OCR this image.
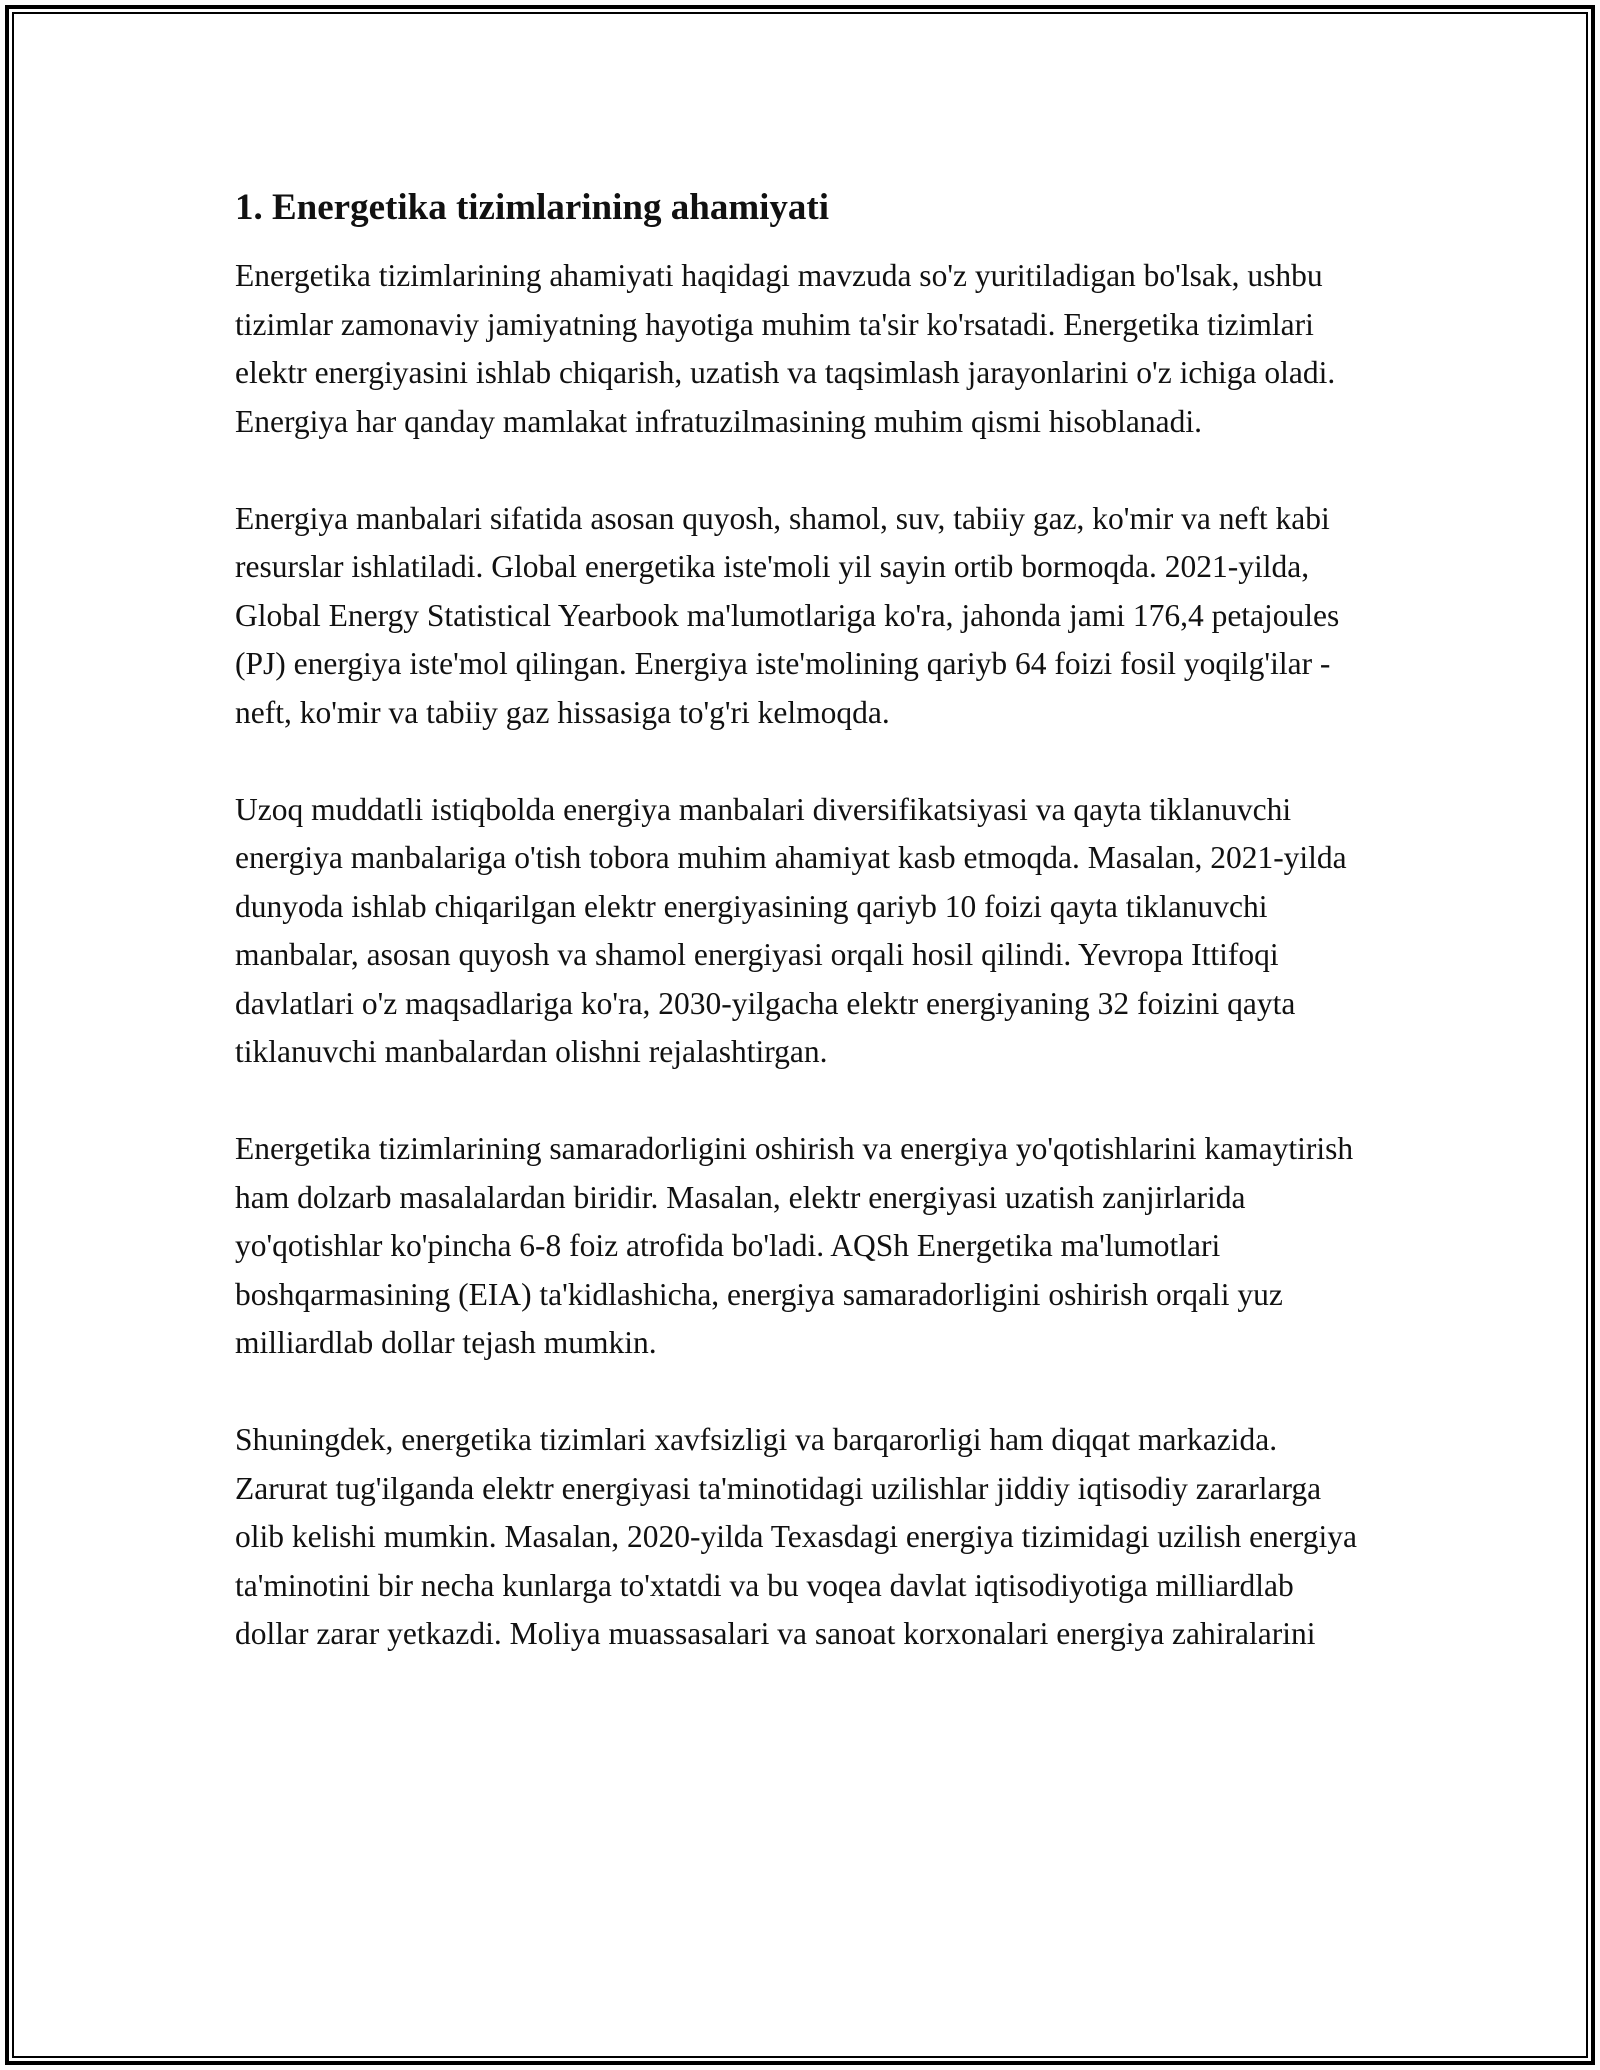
1. Energetika tizimlarining ahamiyati

Energetika tizimlarining ahamiyati haqidagi mavzuda so'z yuritiladigan bo'lsak, ushbu tizimlar zamonaviy jamiyatning hayotiga muhim ta'sir ko'rsatadi. Energetika tizimlari elektr energiyasini ishlab chiqarish, uzatish va taqsimlash jarayonlarini o'z ichiga oladi. Energiya har qanday mamlakat infratuzilmasining muhim qismi hisoblanadi.

Energiya manbalari sifatida asosan quyosh, shamol, suv, tabiiy gaz, ko'mir va neft kabi resurslar ishlatiladi. Global energetika iste'moli yil sayin ortib bormoqda. 2021-yilda, Global Energy Statistical Yearbook ma'lumotlariga ko'ra, jahonda jami 176,4 petajoules (PJ) energiya iste'mol qilingan. Energiya iste'molining qariyb 64 foizi fosil yoqilg'ilar - neft, ko'mir va tabiiy gaz hissasiga to'g'ri kelmoqda.

Uzoq muddatli istiqbolda energiya manbalari diversifikatsiyasi va qayta tiklanuvchi energiya manbalariga o'tish tobora muhim ahamiyat kasb etmoqda. Masalan, 2021-yilda dunyoda ishlab chiqarilgan elektr energiyasining qariyb 10 foizi qayta tiklanuvchi manbalar, asosan quyosh va shamol energiyasi orqali hosil qilindi. Yevropa Ittifoqi davlatlari o'z maqsadlariga ko'ra, 2030-yilgacha elektr energiyaning 32 foizini qayta tiklanuvchi manbalardan olishni rejalashtirgan.

Energetika tizimlarining samaradorligini oshirish va energiya yo'qotishlarini kamaytirish ham dolzarb masalalardan biridir. Masalan, elektr energiyasi uzatish zanjirlarida yo'qotishlar ko'pincha 6-8 foiz atrofida bo'ladi. AQSh Energetika ma'lumotlari boshqarmasining (EIA) ta'kidlashicha, energiya samaradorligini oshirish orqali yuz milliardlab dollar tejash mumkin.

Shuningdek, energetika tizimlari xavfsizligi va barqarorligi ham diqqat markazida. Zarurat tug'ilganda elektr energiyasi ta'minotidagi uzilishlar jiddiy iqtisodiy zararlarga olib kelishi mumkin. Masalan, 2020-yilda Texasdagi energiya tizimidagi uzilish energiya ta'minotini bir necha kunlarga to'xtatdi va bu voqea davlat iqtisodiyotiga milliardlab dollar zarar yetkazdi. Moliya muassasalari va sanoat korxonalari energiya zahiralarini
